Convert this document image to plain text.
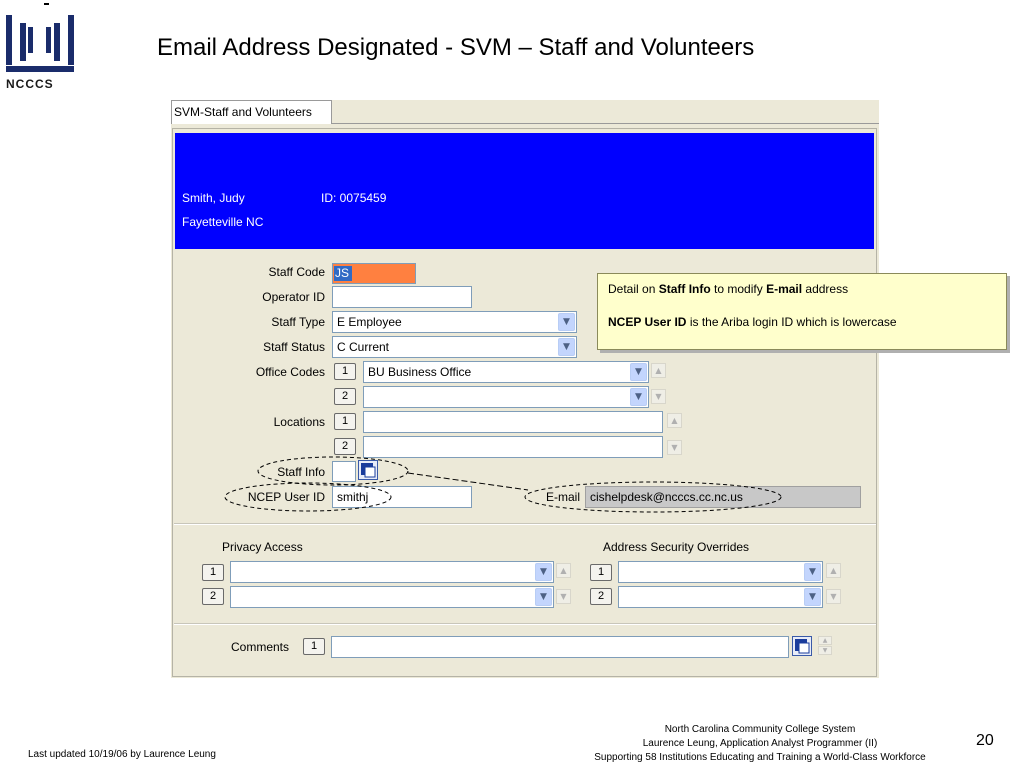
NCCCS
Email Address Designated - SVM – Staff and Volunteers
SVM-Staff and Volunteers
Smith, Judy	ID: 0075459
Fayetteville NC
Staff Code JS
Operator ID
Staff Type	E Employee	▼
Staff Status	C Current	▼
Office Codes	1	BU Business Office	▼	▲
2	▼	▼
Locations	1	▲
2	▼
Staff Info
NCEP User ID	smithj	E-mail cishelpdesk@ncccs.cc.nc.us
Privacy Access
1	▼	▲
2	▼	▼
Address Security Overrides
1	▼	▲
2	▼	▼
Comments	1	▲
▼

Detail on Staff Info to modify E-mail address

NCEP User ID is the Ariba login ID which is lowercase

Last updated 10/19/06 by Laurence Leung
North Carolina Community College System
Laurence Leung, Application Analyst Programmer (II)
Supporting 58 Institutions Educating and Training a World-Class Workforce
20
